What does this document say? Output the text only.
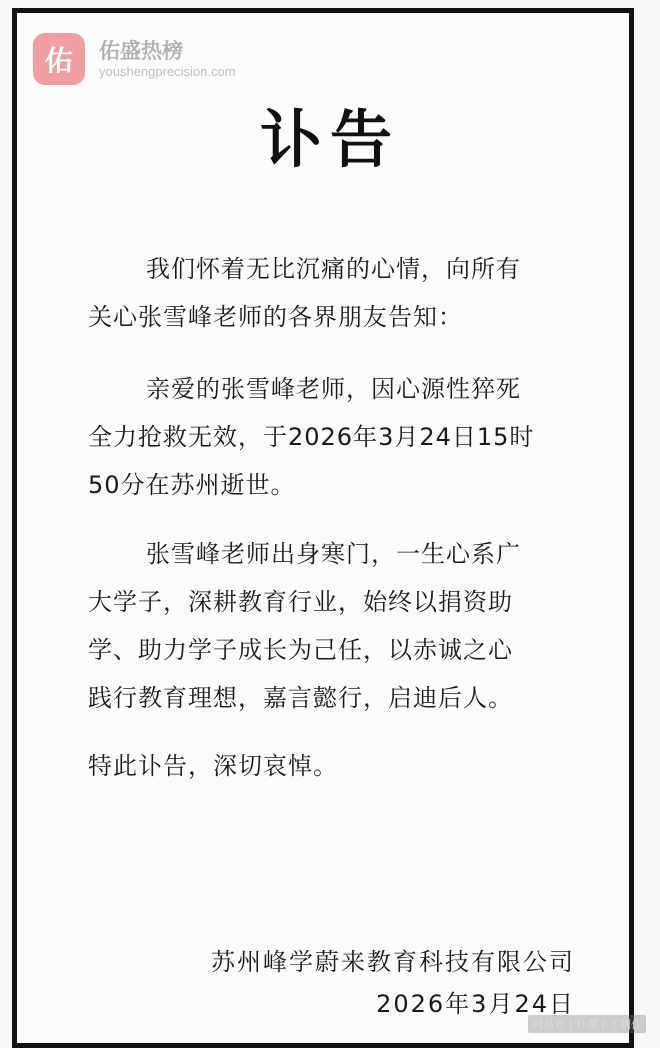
佑	佑盛热榜
youshengprecision.com
讣告

我们怀着无比沉痛的心情，向所有
关心张雪峰老师的各界朋友告知：

亲爱的张雪峰老师，因心源性猝死
全力抢救无效，于2026年3月24日15时
50分在苏州逝世。

张雪峰老师出身寒门，一生心系广
大学子，深耕教育行业，始终以捐资助
学、助力学子成长为己任，以赤诚之心
践行教育理想，嘉言懿行，启迪后人。

特此讣告，深切哀悼。

苏州峰学蔚来教育科技有限公司
2026年3月24日
网易号 | 杜撰手工制作
